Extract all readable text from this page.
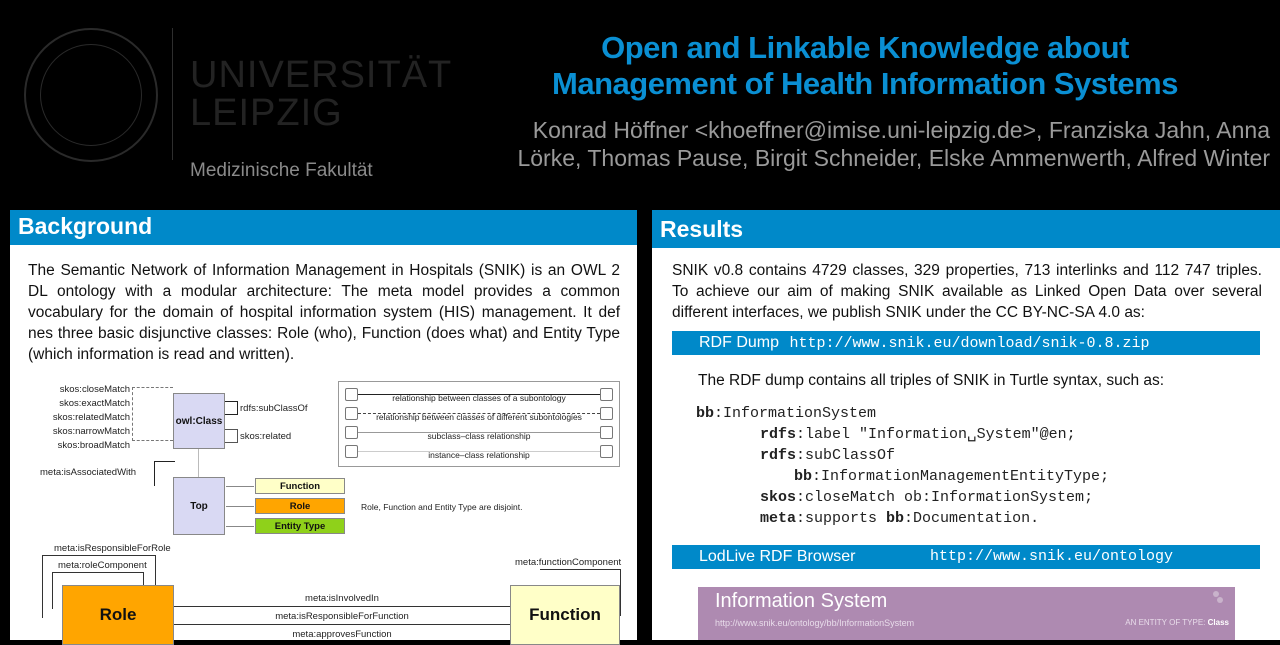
UNIVERSITÄT
LEIPZIG
Medizinische Fakultät
Open and Linkable Knowledge about
Management of Health Information Systems
Konrad Höffner <khoeffner@imise.uni-leipzig.de>, Franziska Jahn, Anna
Lörke, Thomas Pause, Birgit Schneider, Elske Ammenwerth, Alfred Winter
Background
The Semantic Network of Information Management in Hospitals (SNIK) is an OWL 2 DL ontology with a modular architecture: The meta model provides a common vocabulary for the domain of hospital information system (HIS) management. It def nes three basic disjunctive classes: Role (who), Function (does what) and Entity Type (which information is read and written).
skos:closeMatch
skos:exactMatch
skos:relatedMatch
skos:narrowMatch
skos:broadMatch
owl:Class
rdfs:subClassOf
skos:related
meta:isAssociatedWith
Top
Function
Role
Entity Type
Role, Function and Entity Type are disjoint.
relationship between classes of a subontology
relationship between classes of different subontologies
subclass–class relationship
instance–class relationship
meta:isResponsibleForRole
meta:roleComponent
Role
meta:functionComponent
Function
meta:isInvolvedIn
meta:isResponsibleForFunction
meta:approvesFunction
Results
SNIK v0.8 contains 4729 classes, 329 properties, 713 interlinks and 112 747 triples. To achieve our aim of making SNIK available as Linked Open Data over several different interfaces, we publish SNIK under the CC BY-NC-SA 4.0 as:
RDF Dump http://www.snik.eu/download/snik-0.8.zip
The RDF dump contains all triples of SNIK in Turtle syntax, such as:
bb:InformationSystem
rdfs:label "Information␣System"@en;
rdfs:subClassOf
bb:InformationManagementEntityType;
skos:closeMatch ob:InformationSystem;
meta:supports bb:Documentation.
LodLive RDF Browser	http://www.snik.eu/ontology
Information System
http://www.snik.eu/ontology/bb/InformationSystem	AN ENTITY OF TYPE: Class
